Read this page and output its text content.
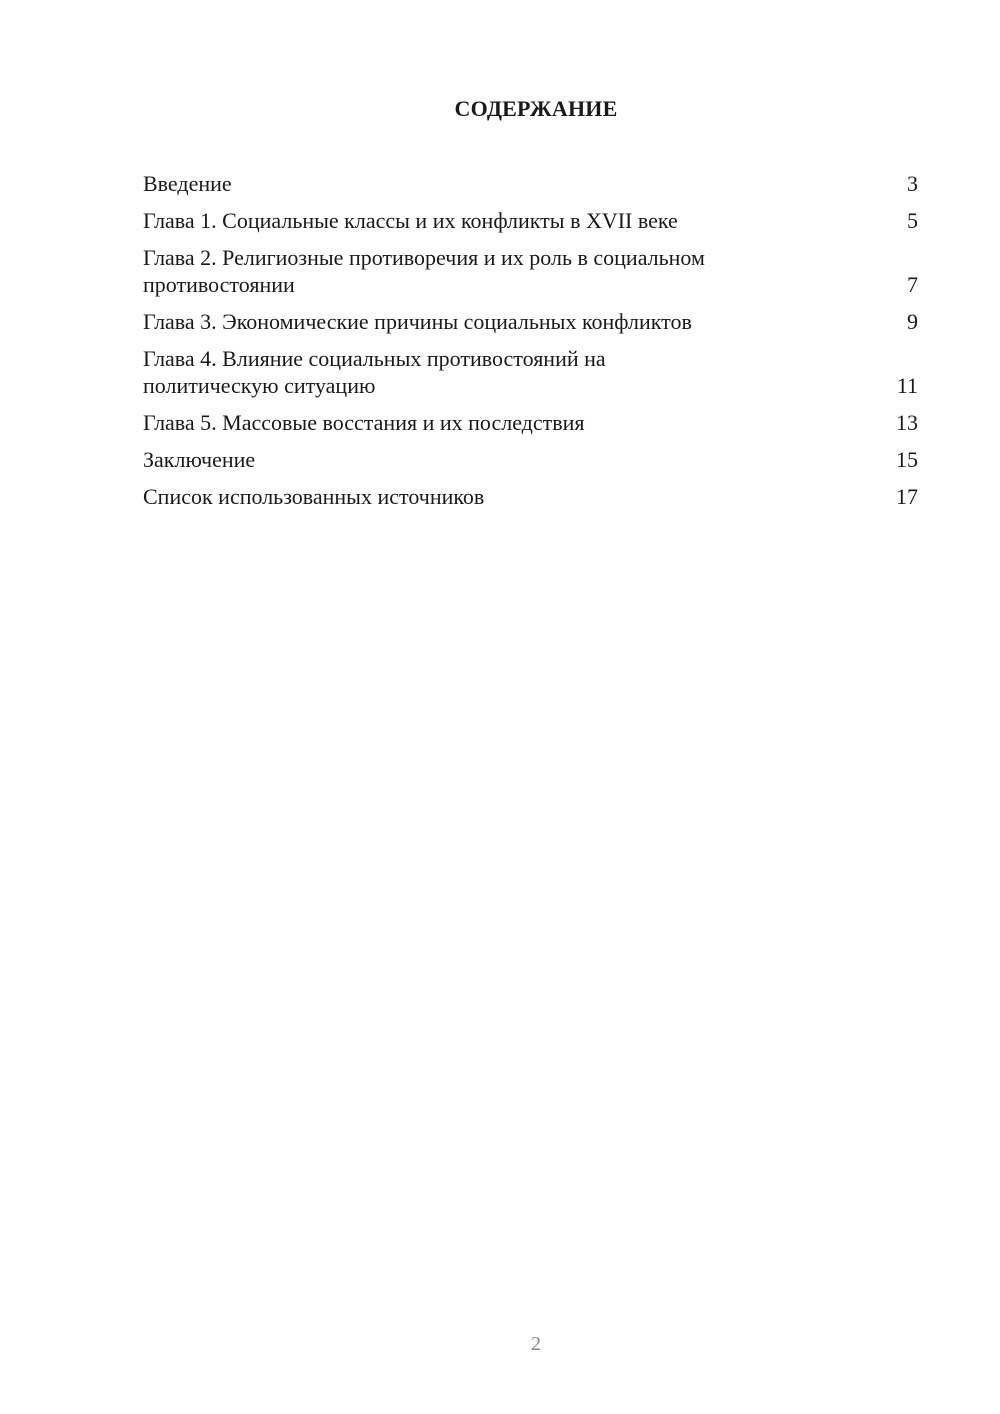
СОДЕРЖАНИЕ
Введение	3
Глава 1. Социальные классы и их конфликты в XVII веке	5
Глава 2. Религиозные противоречия и их роль в социальном
противостоянии	7
Глава 3. Экономические причины социальных конфликтов	9
Глава 4. Влияние социальных противостояний на
политическую ситуацию	11
Глава 5. Массовые восстания и их последствия	13
Заключение	15
Список использованных источников	17
2
